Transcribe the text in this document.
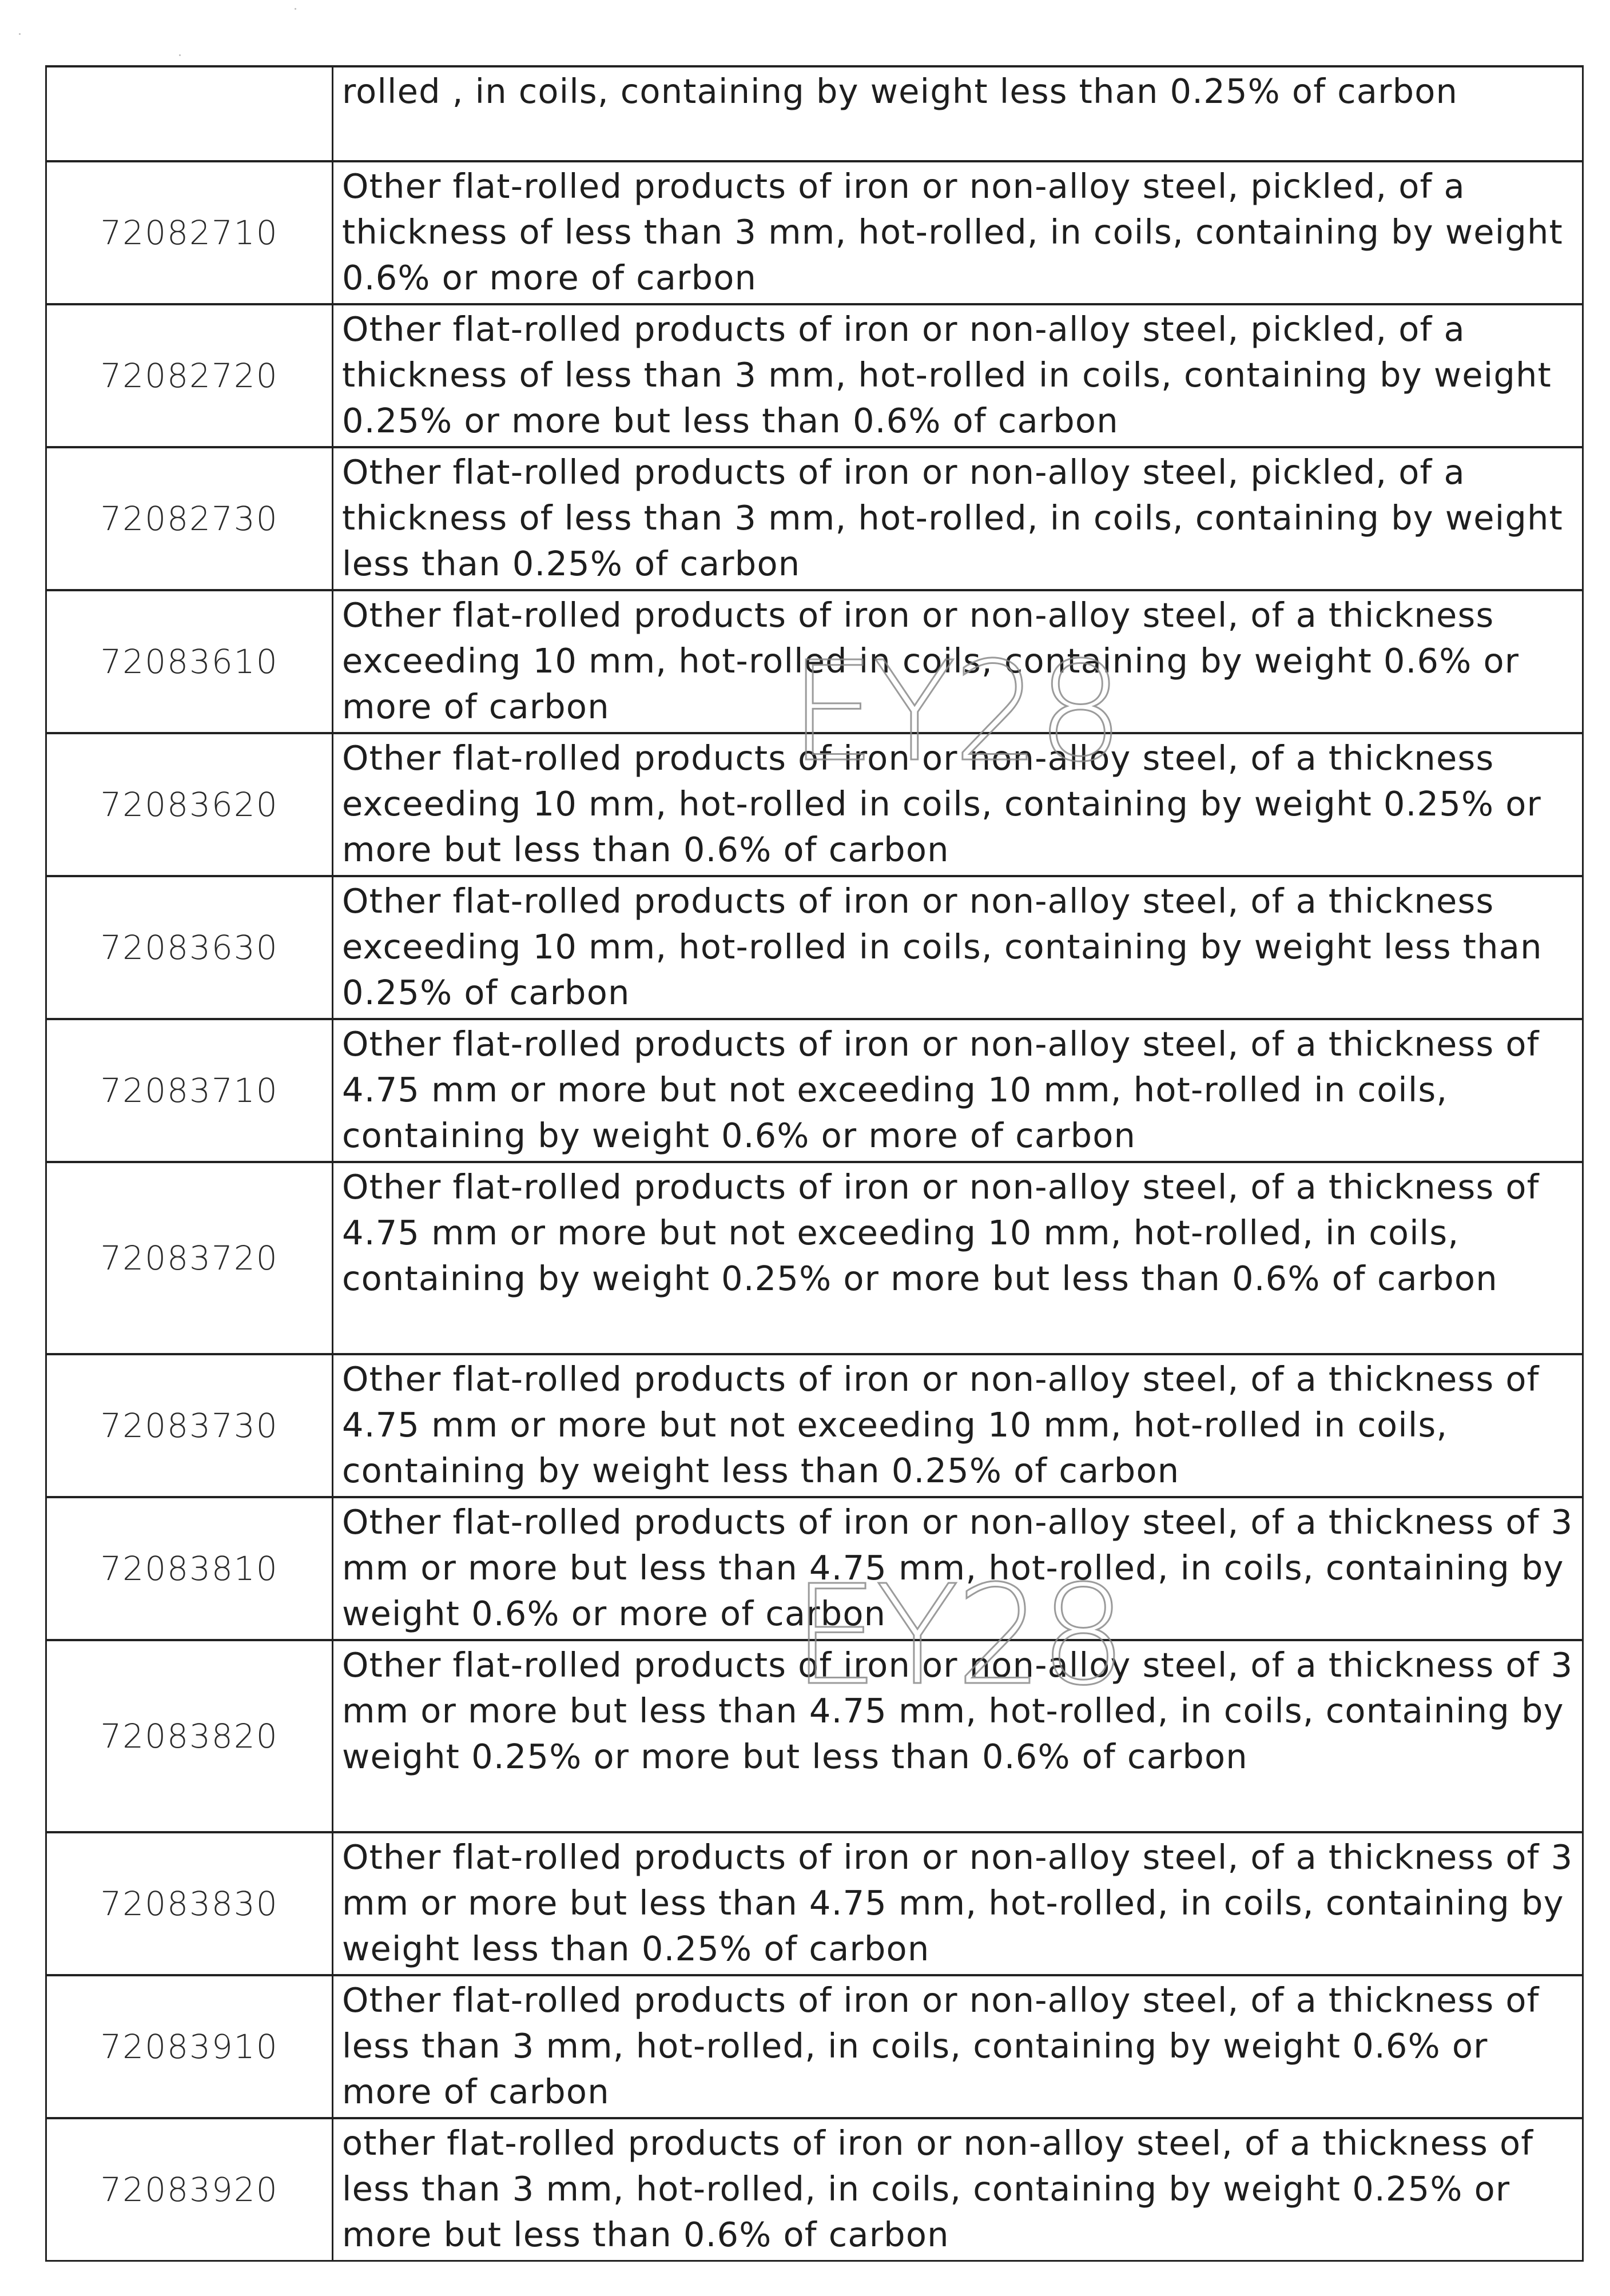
	rolled , in coils, containing by weight less than 0.25% of carbon
72082710	Other flat-rolled products of iron or non-alloy steel, pickled, of a thickness of less than 3 mm, hot-rolled, in coils, containing by weight 0.6% or more of carbon
72082720	Other flat-rolled products of iron or non-alloy steel, pickled, of a thickness of less than 3 mm, hot-rolled in coils, containing by weight 0.25% or more but less than 0.6% of carbon
72082730	Other flat-rolled products of iron or non-alloy steel, pickled, of a thickness of less than 3 mm, hot-rolled, in coils, containing by weight less than 0.25% of carbon
72083610	Other flat-rolled products of iron or non-alloy steel, of a thickness exceeding 10 mm, hot-rolled in coils, containing by weight 0.6% or more of carbon
72083620	Other flat-rolled products of iron or non-alloy steel, of a thickness exceeding 10 mm, hot-rolled in coils, containing by weight 0.25% or more but less than 0.6% of carbon
72083630	Other flat-rolled products of iron or non-alloy steel, of a thickness exceeding 10 mm, hot-rolled in coils, containing by weight less than 0.25% of carbon
72083710	Other flat-rolled products of iron or non-alloy steel, of a thickness of 4.75 mm or more but not exceeding 10 mm, hot-rolled in coils, containing by weight 0.6% or more of carbon
72083720	Other flat-rolled products of iron or non-alloy steel, of a thickness of 4.75 mm or more but not exceeding 10 mm, hot-rolled, in coils, containing by weight 0.25% or more but less than 0.6% of carbon
72083730	Other flat-rolled products of iron or non-alloy steel, of a thickness of 4.75 mm or more but not exceeding 10 mm, hot-rolled in coils, containing by weight less than 0.25% of carbon
72083810	Other flat-rolled products of iron or non-alloy steel, of a thickness of 3 mm or more but less than 4.75 mm, hot-rolled, in coils, containing by weight 0.6% or more of carbon
72083820	Other flat-rolled products of iron or non-alloy steel, of a thickness of 3 mm or more but less than 4.75 mm, hot-rolled, in coils, containing by weight 0.25% or more but less than 0.6% of carbon
72083830	Other flat-rolled products of iron or non-alloy steel, of a thickness of 3 mm or more but less than 4.75 mm, hot-rolled, in coils, containing by weight less than 0.25% of carbon
72083910	Other flat-rolled products of iron or non-alloy steel, of a thickness of less than 3 mm, hot-rolled, in coils, containing by weight 0.6% or more of carbon
72083920	other flat-rolled products of iron or non-alloy steel, of a thickness of less than 3 mm, hot-rolled, in coils, containing by weight 0.25% or more but less than 0.6% of carbon
EY28
EY28
